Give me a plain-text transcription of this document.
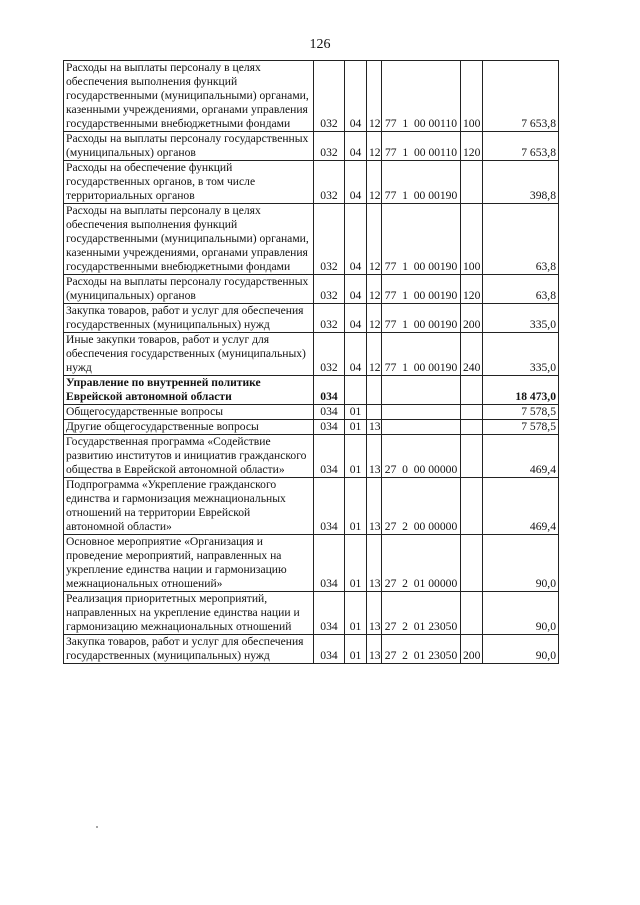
126
Расходы на выплаты персоналу в целях обеспечения выполнения функций государственными (муниципальными) органами, казенными учреждениями, органами управления государственными внебюджетными фондами	032	04	12	77 1 00 00110	100	7 653,8
Расходы на выплаты персоналу государственных (муниципальных) органов	032	04	12	77 1 00 00110	120	7 653,8
Расходы на обеспечение функций государственных органов, в том числе территориальных органов	032	04	12	77 1 00 00190		398,8
Расходы на выплаты персоналу в целях обеспечения выполнения функций государственными (муниципальными) органами, казенными учреждениями, органами управления государственными внебюджетными фондами	032	04	12	77 1 00 00190	100	63,8
Расходы на выплаты персоналу государственных (муниципальных) органов	032	04	12	77 1 00 00190	120	63,8
Закупка товаров, работ и услуг для обеспечения государственных (муниципальных) нужд	032	04	12	77 1 00 00190	200	335,0
Иные закупки товаров, работ и услуг для обеспечения государственных (муниципальных) нужд	032	04	12	77 1 00 00190	240	335,0
Управление по внутренней политике Еврейской автономной области	034					18 473,0
Общегосударственные вопросы	034	01				7 578,5
Другие общегосударственные вопросы	034	01	13			7 578,5
Государственная программа «Содействие развитию институтов и инициатив гражданского общества в Еврейской автономной области»	034	01	13	27 0 00 00000		469,4
Подпрограмма «Укрепление гражданского единства и гармонизация межнациональных отношений на территории Еврейской автономной области»	034	01	13	27 2 00 00000		469,4
Основное мероприятие «Организация и проведение мероприятий, направленных на укрепление единства нации и гармонизацию межнациональных отношений»	034	01	13	27 2 01 00000		90,0
Реализация приоритетных мероприятий, направленных на укрепление единства нации и гармонизацию межнациональных отношений	034	01	13	27 2 01 23050		90,0
Закупка товаров, работ и услуг для обеспечения государственных (муниципальных) нужд	034	01	13	27 2 01 23050	200	90,0
